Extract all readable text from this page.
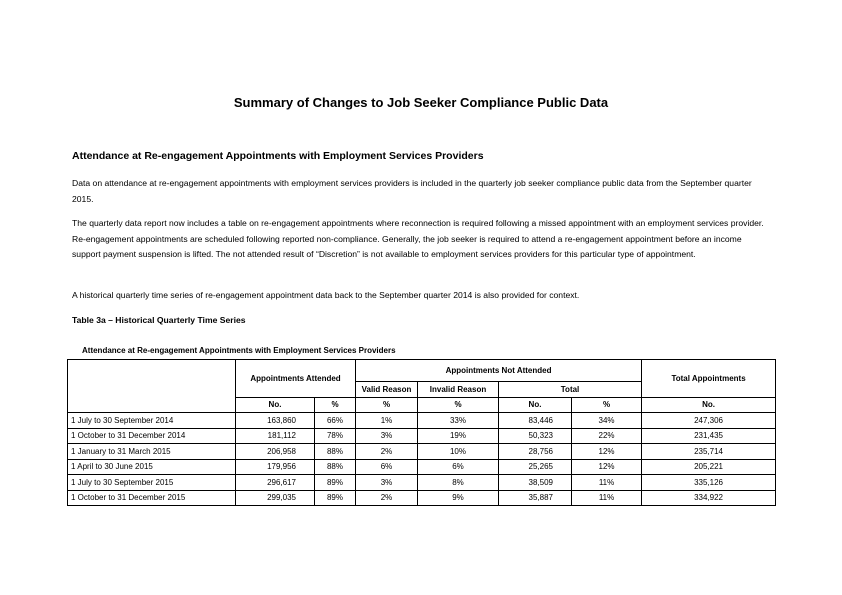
Summary of Changes to Job Seeker Compliance Public Data
Attendance at Re-engagement Appointments with Employment Services Providers
Data on attendance at re-engagement appointments with employment services providers is included in the quarterly job seeker compliance public data from the September quarter 2015.
The quarterly data report now includes a table on re-engagement appointments where reconnection is required following a missed appointment with an employment services provider. Re-engagement appointments are scheduled following reported non-compliance. Generally, the job seeker is required to attend a re-engagement appointment before an income support payment suspension is lifted. The not attended result of “Discretion” is not available to employment services providers for this particular type of appointment.
A historical quarterly time series of re-engagement appointment data back to the September quarter 2014 is also provided for context.
Table 3a – Historical Quarterly Time Series
Attendance at Re-engagement Appointments with Employment Services Providers
	Appointments Attended		Appointments Not Attended				Total Appointments
			Valid Reason	Invalid Reason	Total		
	No.	%	%	%	No.	%	No.
1 July to 30 September 2014	163,860	66%	1%	33%	83,446	34%	247,306
1 October to 31 December 2014	181,112	78%	3%	19%	50,323	22%	231,435
1 January to 31 March 2015	206,958	88%	2%	10%	28,756	12%	235,714
1 April to 30 June 2015	179,956	88%	6%	6%	25,265	12%	205,221
1 July to 30 September 2015	296,617	89%	3%	8%	38,509	11%	335,126
1 October to 31 December 2015	299,035	89%	2%	9%	35,887	11%	334,922
